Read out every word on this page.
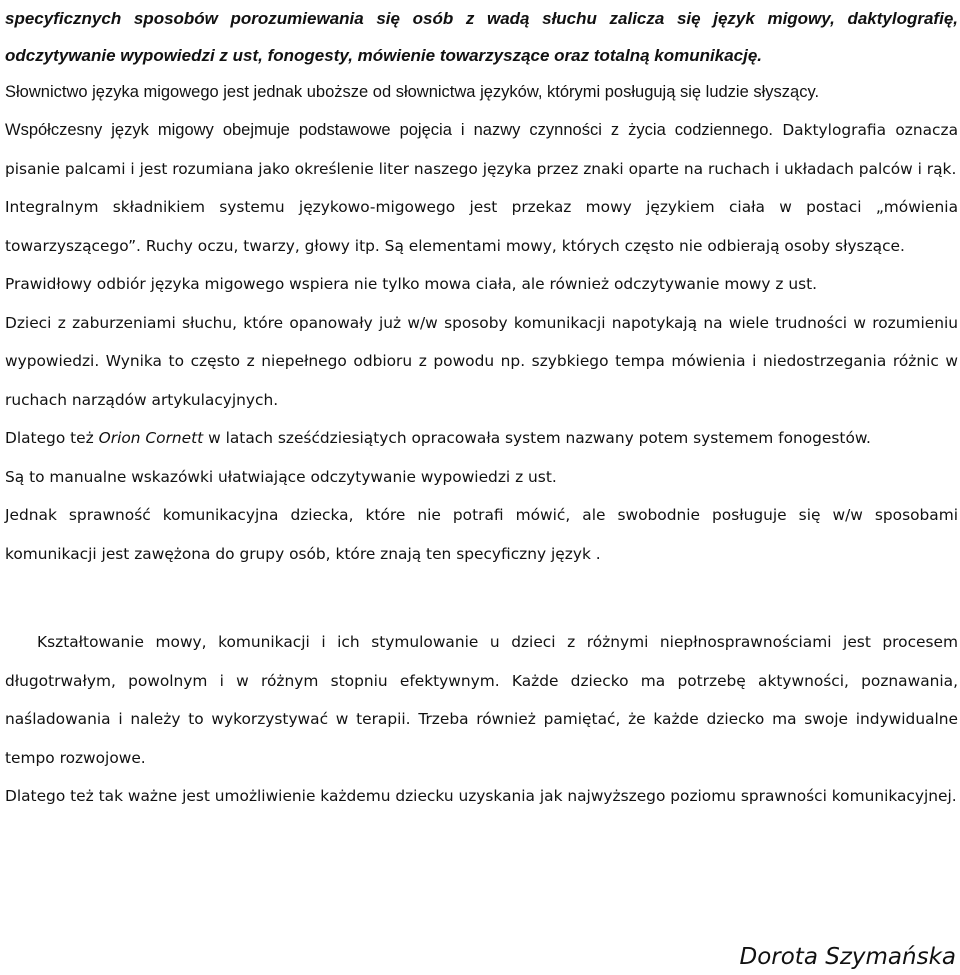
specyficznych sposobów porozumiewania się osób z wadą słuchu zalicza się język migowy, daktylografię, odczytywanie wypowiedzi z ust, fonogesty, mówienie towarzyszące oraz totalną komunikację.

Słownictwo języka migowego jest jednak uboższe od słownictwa języków, którymi posługują się ludzie słyszący.

Współczesny język migowy obejmuje podstawowe pojęcia i nazwy czynności z życia codziennego. Daktylografia oznacza pisanie palcami i jest rozumiana jako określenie liter naszego języka przez znaki oparte na ruchach i układach palców i rąk.

Integralnym składnikiem systemu językowo-migowego jest przekaz mowy językiem ciała w postaci „mówienia towarzyszącego”. Ruchy oczu, twarzy, głowy itp. Są elementami mowy, których często nie odbierają osoby słyszące.

Prawidłowy odbiór języka migowego wspiera nie tylko mowa ciała, ale również odczytywanie mowy z ust.

Dzieci z zaburzeniami słuchu, które opanowały już w/w sposoby komunikacji napotykają na wiele trudności w rozumieniu wypowiedzi. Wynika to często z niepełnego odbioru z powodu np. szybkiego tempa mówienia i niedostrzegania różnic w ruchach narządów artykulacyjnych.

Dlatego też Orion Cornett w latach sześćdziesiątych opracowała system nazwany potem systemem fonogestów.

Są to manualne wskazówki ułatwiające odczytywanie wypowiedzi z ust.

Jednak sprawność komunikacyjna dziecka, które nie potrafi mówić, ale swobodnie posługuje się w/w sposobami komunikacji jest zawężona do grupy osób, które znają ten specyficzny język .

Kształtowanie mowy, komunikacji i ich stymulowanie u dzieci z różnymi niepłnosprawnościami jest procesem długotrwałym, powolnym i w różnym stopniu efektywnym. Każde dziecko ma potrzebę aktywności, poznawania, naśladowania i należy to wykorzystywać w terapii. Trzeba również pamiętać, że każde dziecko ma swoje indywidualne tempo rozwojowe.

Dlatego też tak ważne jest umożliwienie każdemu dziecku uzyskania jak najwyższego poziomu sprawności komunikacyjnej.

Dorota Szymańska
